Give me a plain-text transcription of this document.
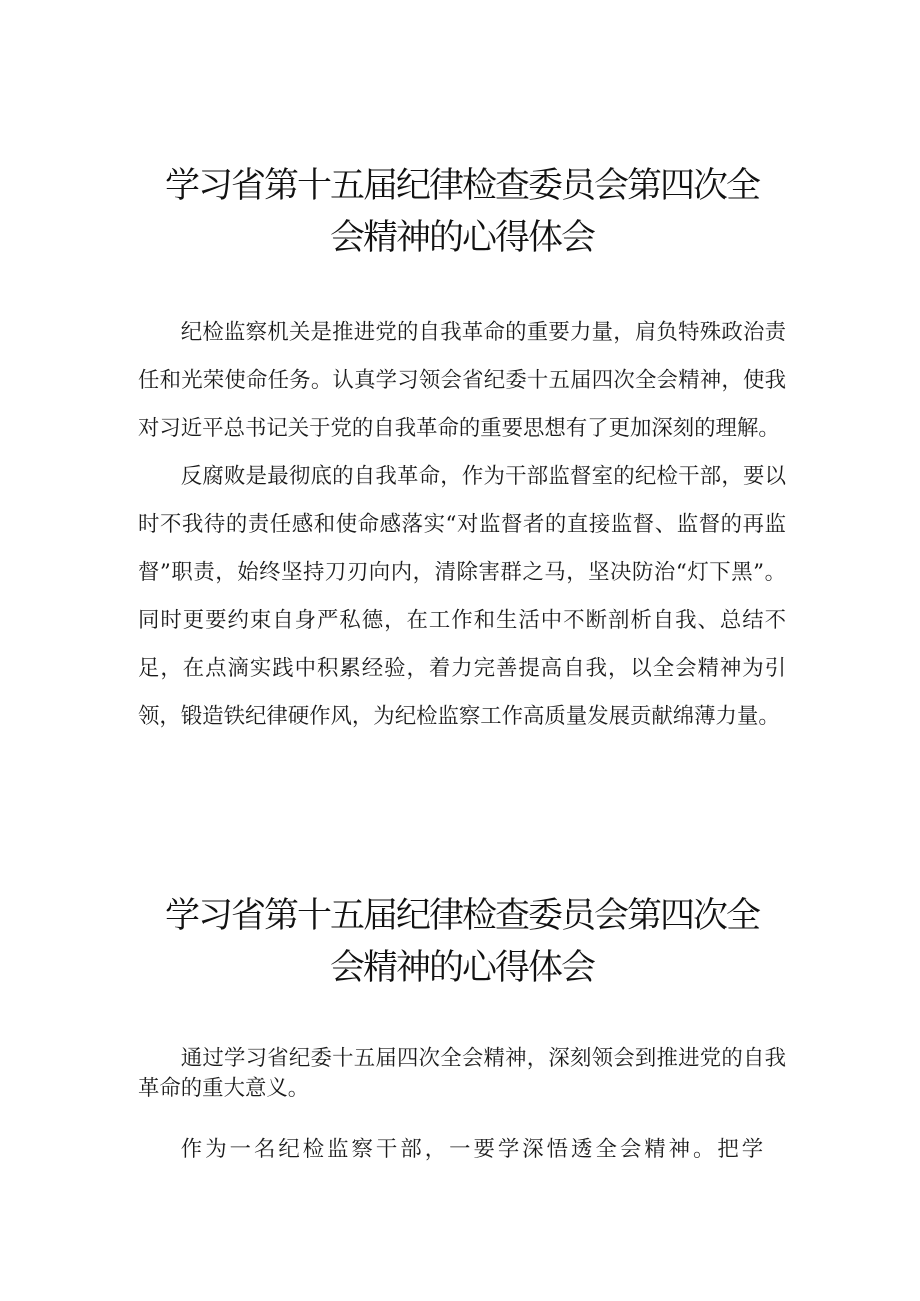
学习省第十五届纪律检查委员会第四次全
会精神的心得体会

纪检监察机关是推进党的自我革命的重要力量，肩负特殊政治责任和光荣使命任务。认真学习领会省纪委十五届四次全会精神，使我对习近平总书记关于党的自我革命的重要思想有了更加深刻的理解。

反腐败是最彻底的自我革命，作为干部监督室的纪检干部，要以时不我待的责任感和使命感落实“对监督者的直接监督、监督的再监督”职责，始终坚持刀刃向内，清除害群之马，坚决防治“灯下黑”。同时更要约束自身严私德，在工作和生活中不断剖析自我、总结不足，在点滴实践中积累经验，着力完善提高自我，以全会精神为引领，锻造铁纪律硬作风，为纪检监察工作高质量发展贡献绵薄力量。

学习省第十五届纪律检查委员会第四次全
会精神的心得体会

通过学习省纪委十五届四次全会精神，深刻领会到推进党的自我革命的重大意义。

作为一名纪检监察干部，一要学深悟透全会精神。把学
